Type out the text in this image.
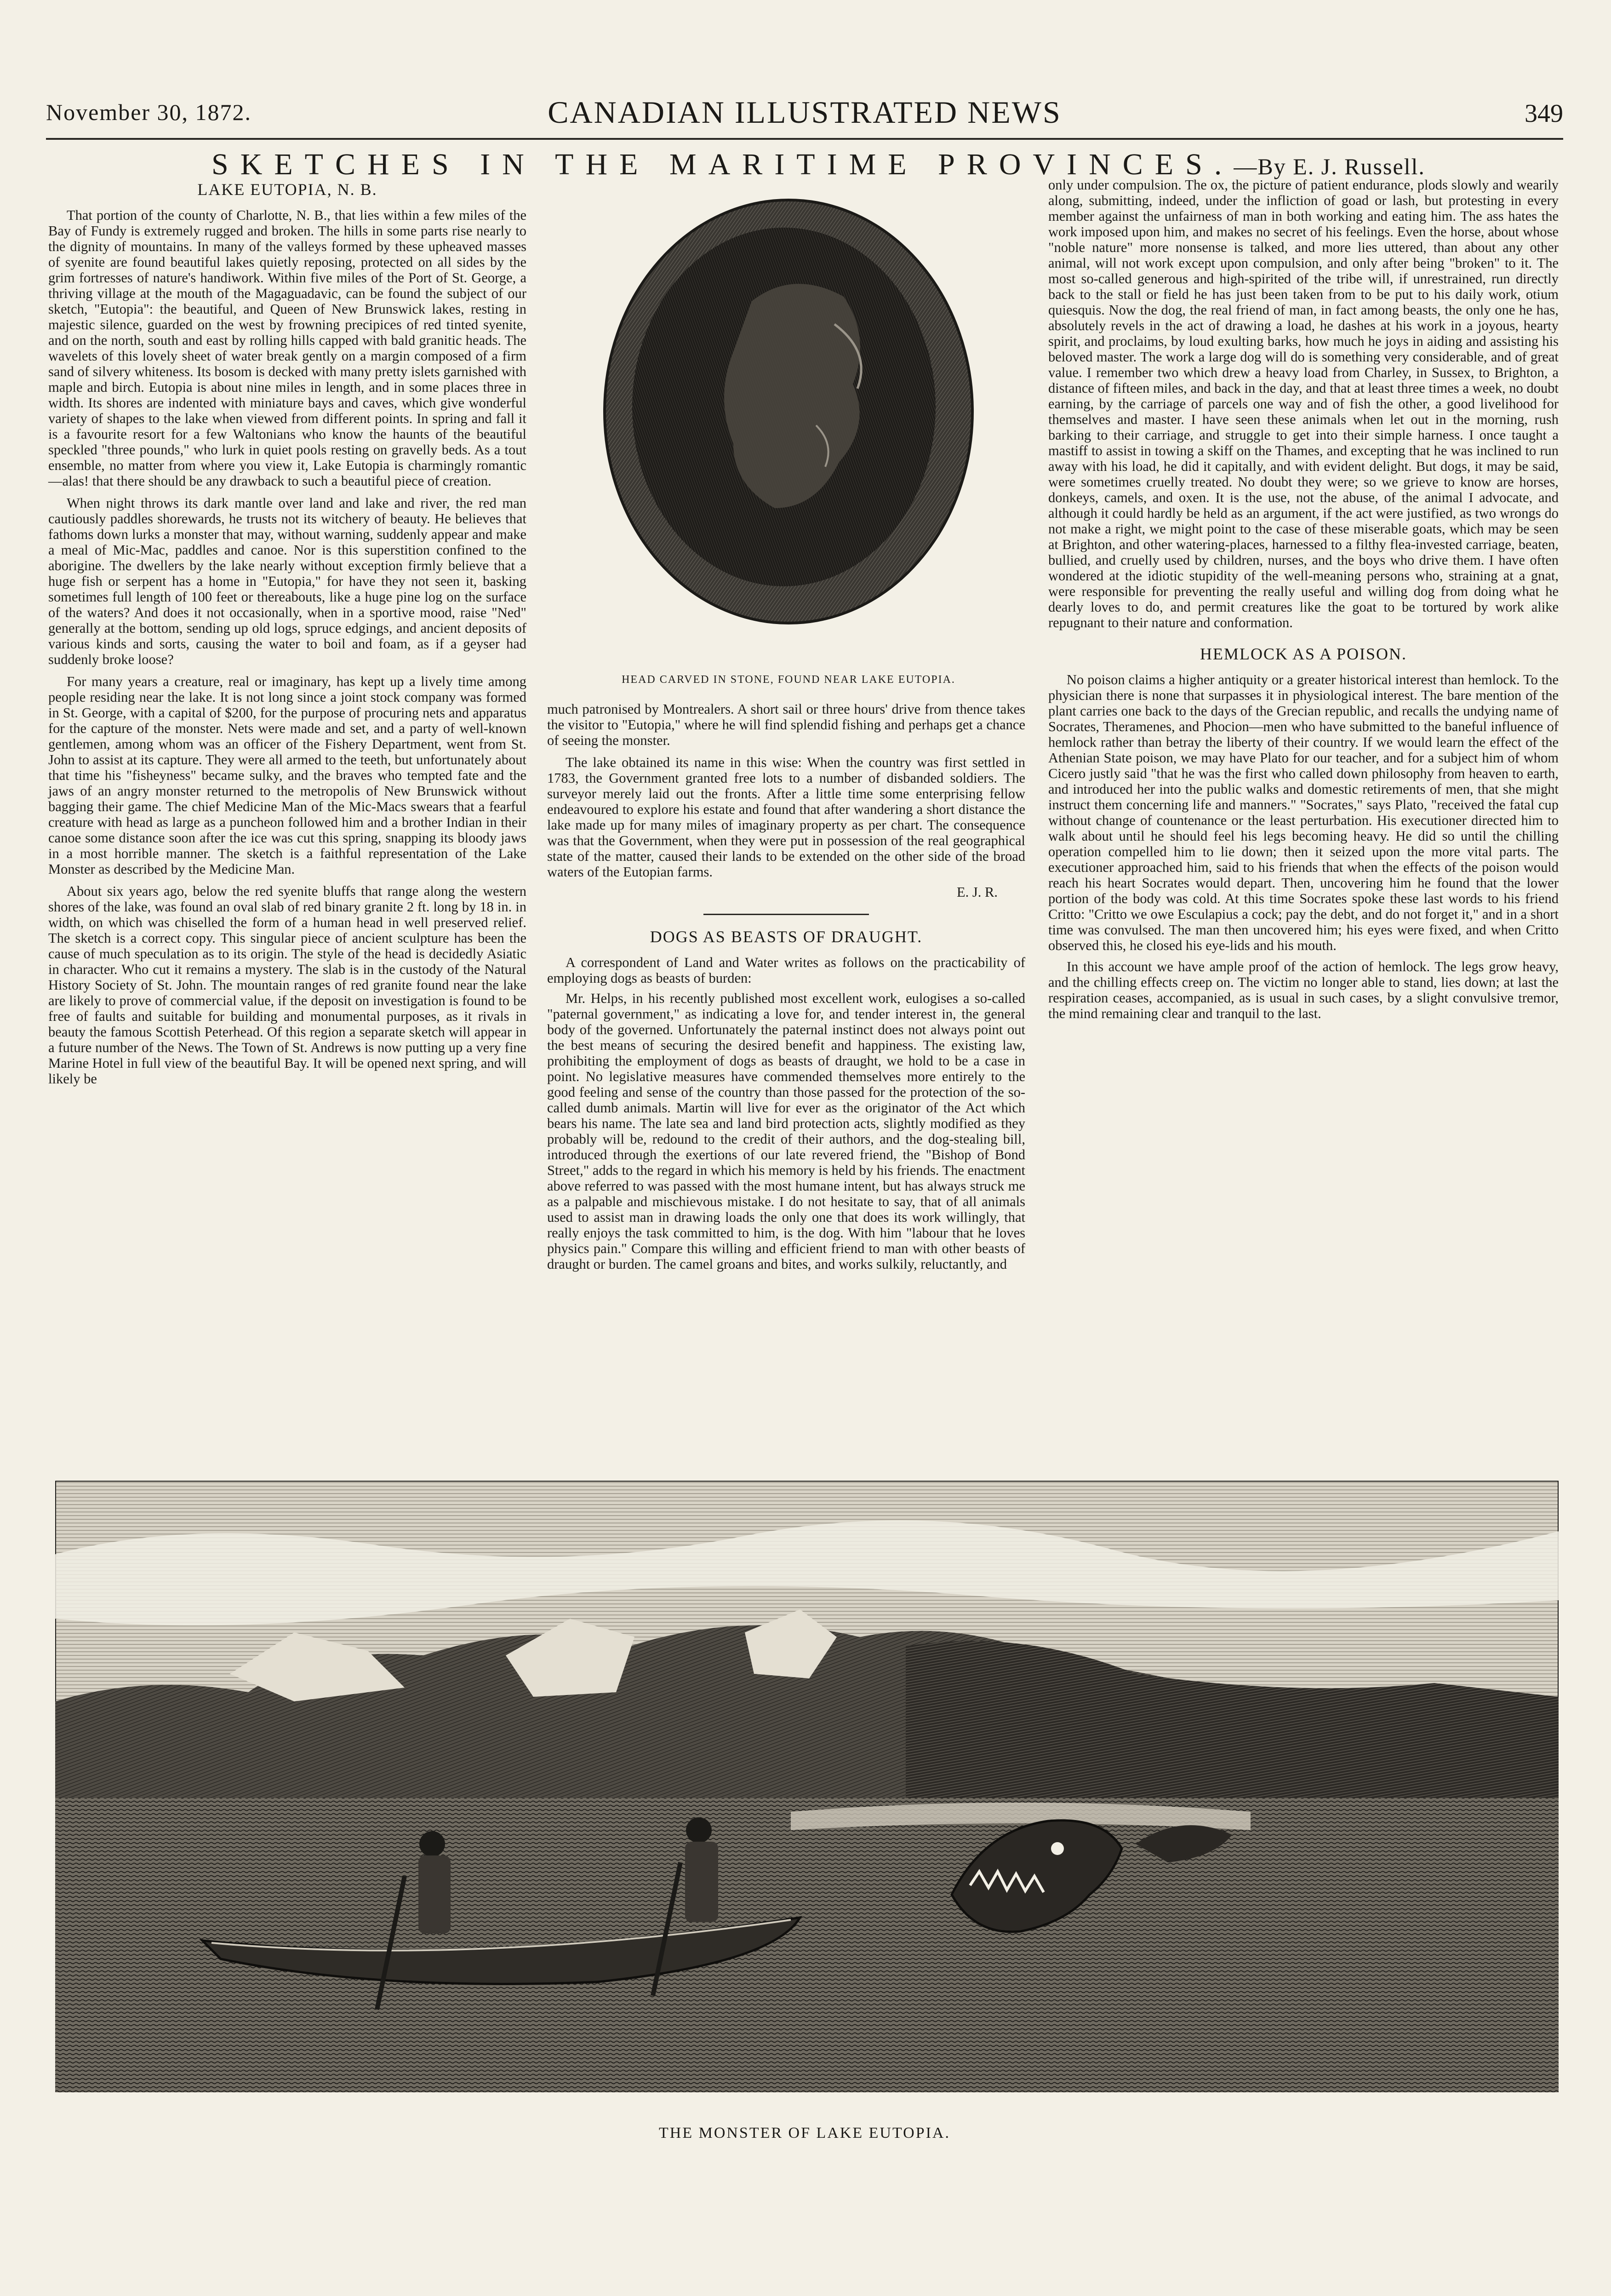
CANADIAN ILLUSTRATED NEWS
November 30, 1872.	349
SKETCHES IN THE MARITIME PROVINCES.—By E. J. Russell.
LAKE EUTOPIA, N. B.

That portion of the county of Charlotte, N. B., that lies within a few miles of the Bay of Fundy is extremely rugged and broken. The hills in some parts rise nearly to the dignity of mountains. In many of the valleys formed by these upheaved masses of syenite are found beautiful lakes quietly reposing, protected on all sides by the grim fortresses of nature's handiwork. Within five miles of the Port of St. George, a thriving village at the mouth of the Magaguadavic, can be found the subject of our sketch, "Eutopia": the beautiful, and Queen of New Brunswick lakes, resting in majestic silence, guarded on the west by frowning precipices of red tinted syenite, and on the north, south and east by rolling hills capped with bald granitic heads. The wavelets of this lovely sheet of water break gently on a margin composed of a firm sand of silvery whiteness. Its bosom is decked with many pretty islets garnished with maple and birch. Eutopia is about nine miles in length, and in some places three in width. Its shores are indented with miniature bays and caves, which give wonderful variety of shapes to the lake when viewed from different points. In spring and fall it is a favourite resort for a few Waltonians who know the haunts of the beautiful speckled "three pounds," who lurk in quiet pools resting on gravelly beds. As a tout ensemble, no matter from where you view it, Lake Eutopia is charmingly romantic—alas! that there should be any drawback to such a beautiful piece of creation.

When night throws its dark mantle over land and lake and river, the red man cautiously paddles shorewards, he trusts not its witchery of beauty. He believes that fathoms down lurks a monster that may, without warning, suddenly appear and make a meal of Mic-Mac, paddles and canoe. Nor is this superstition confined to the aborigine. The dwellers by the lake nearly without exception firmly believe that a huge fish or serpent has a home in "Eutopia," for have they not seen it, basking sometimes full length of 100 feet or thereabouts, like a huge pine log on the surface of the waters? And does it not occasionally, when in a sportive mood, raise "Ned" generally at the bottom, sending up old logs, spruce edgings, and ancient deposits of various kinds and sorts, causing the water to boil and foam, as if a geyser had suddenly broke loose?

For many years a creature, real or imaginary, has kept up a lively time among people residing near the lake. It is not long since a joint stock company was formed in St. George, with a capital of $200, for the purpose of procuring nets and apparatus for the capture of the monster. Nets were made and set, and a party of well-known gentlemen, among whom was an officer of the Fishery Department, went from St. John to assist at its capture. They were all armed to the teeth, but unfortunately about that time his "fisheyness" became sulky, and the braves who tempted fate and the jaws of an angry monster returned to the metropolis of New Brunswick without bagging their game. The chief Medicine Man of the Mic-Macs swears that a fearful creature with head as large as a puncheon followed him and a brother Indian in their canoe some distance soon after the ice was cut this spring, snapping its bloody jaws in a most horrible manner. The sketch is a faithful representation of the Lake Monster as described by the Medicine Man.

About six years ago, below the red syenite bluffs that range along the western shores of the lake, was found an oval slab of red binary granite 2 ft. long by 18 in. in width, on which was chiselled the form of a human head in well preserved relief. The sketch is a correct copy. This singular piece of ancient sculpture has been the cause of much speculation as to its origin. The style of the head is decidedly Asiatic in character. Who cut it remains a mystery. The slab is in the custody of the Natural History Society of St. John. The mountain ranges of red granite found near the lake are likely to prove of commercial value, if the deposit on investigation is found to be free of faults and suitable for building and monumental purposes, as it rivals in beauty the famous Scottish Peterhead. Of this region a separate sketch will appear in a future number of the News. The Town of St. Andrews is now putting up a very fine Marine Hotel in full view of the beautiful Bay. It will be opened next spring, and will likely be

HEAD CARVED IN STONE, FOUND NEAR LAKE EUTOPIA.

much patronised by Montrealers. A short sail or three hours' drive from thence takes the visitor to "Eutopia," where he will find splendid fishing and perhaps get a chance of seeing the monster.

The lake obtained its name in this wise: When the country was first settled in 1783, the Government granted free lots to a number of disbanded soldiers. The surveyor merely laid out the fronts. After a little time some enterprising fellow endeavoured to explore his estate and found that after wandering a short distance the lake made up for many miles of imaginary property as per chart. The consequence was that the Government, when they were put in possession of the real geographical state of the matter, caused their lands to be extended on the other side of the broad waters of the Eutopian farms.

E. J. R.
DOGS AS BEASTS OF DRAUGHT.

A correspondent of Land and Water writes as follows on the practicability of employing dogs as beasts of burden:

Mr. Helps, in his recently published most excellent work, eulogises a so-called "paternal government," as indicating a love for, and tender interest in, the general body of the governed. Unfortunately the paternal instinct does not always point out the best means of securing the desired benefit and happiness. The existing law, prohibiting the employment of dogs as beasts of draught, we hold to be a case in point. No legislative measures have commended themselves more entirely to the good feeling and sense of the country than those passed for the protection of the so-called dumb animals. Martin will live for ever as the originator of the Act which bears his name. The late sea and land bird protection acts, slightly modified as they probably will be, redound to the credit of their authors, and the dog-stealing bill, introduced through the exertions of our late revered friend, the "Bishop of Bond Street," adds to the regard in which his memory is held by his friends. The enactment above referred to was passed with the most humane intent, but has always struck me as a palpable and mischievous mistake. I do not hesitate to say, that of all animals used to assist man in drawing loads the only one that does its work willingly, that really enjoys the task committed to him, is the dog. With him "labour that he loves physics pain." Compare this willing and efficient friend to man with other beasts of draught or burden. The camel groans and bites, and works sulkily, reluctantly, and

only under compulsion. The ox, the picture of patient endurance, plods slowly and wearily along, submitting, indeed, under the infliction of goad or lash, but protesting in every member against the unfairness of man in both working and eating him. The ass hates the work imposed upon him, and makes no secret of his feelings. Even the horse, about whose "noble nature" more nonsense is talked, and more lies uttered, than about any other animal, will not work except upon compulsion, and only after being "broken" to it. The most so-called generous and high-spirited of the tribe will, if unrestrained, run directly back to the stall or field he has just been taken from to be put to his daily work, otium quiesquis. Now the dog, the real friend of man, in fact among beasts, the only one he has, absolutely revels in the act of drawing a load, he dashes at his work in a joyous, hearty spirit, and proclaims, by loud exulting barks, how much he joys in aiding and assisting his beloved master. The work a large dog will do is something very considerable, and of great value. I remember two which drew a heavy load from Charley, in Sussex, to Brighton, a distance of fifteen miles, and back in the day, and that at least three times a week, no doubt earning, by the carriage of parcels one way and of fish the other, a good livelihood for themselves and master. I have seen these animals when let out in the morning, rush barking to their carriage, and struggle to get into their simple harness. I once taught a mastiff to assist in towing a skiff on the Thames, and excepting that he was inclined to run away with his load, he did it capitally, and with evident delight. But dogs, it may be said, were sometimes cruelly treated. No doubt they were; so we grieve to know are horses, donkeys, camels, and oxen. It is the use, not the abuse, of the animal I advocate, and although it could hardly be held as an argument, if the act were justified, as two wrongs do not make a right, we might point to the case of these miserable goats, which may be seen at Brighton, and other watering-places, harnessed to a filthy flea-invested carriage, beaten, bullied, and cruelly used by children, nurses, and the boys who drive them. I have often wondered at the idiotic stupidity of the well-meaning persons who, straining at a gnat, were responsible for preventing the really useful and willing dog from doing what he dearly loves to do, and permit creatures like the goat to be tortured by work alike repugnant to their nature and conformation.

HEMLOCK AS A POISON.

No poison claims a higher antiquity or a greater historical interest than hemlock. To the physician there is none that surpasses it in physiological interest. The bare mention of the plant carries one back to the days of the Grecian republic, and recalls the undying name of Socrates, Theramenes, and Phocion—men who have submitted to the baneful influence of hemlock rather than betray the liberty of their country. If we would learn the effect of the Athenian State poison, we may have Plato for our teacher, and for a subject him of whom Cicero justly said "that he was the first who called down philosophy from heaven to earth, and introduced her into the public walks and domestic retirements of men, that she might instruct them concerning life and manners." "Socrates," says Plato, "received the fatal cup without change of countenance or the least perturbation. His executioner directed him to walk about until he should feel his legs becoming heavy. He did so until the chilling operation compelled him to lie down; then it seized upon the more vital parts. The executioner approached him, said to his friends that when the effects of the poison would reach his heart Socrates would depart. Then, uncovering him he found that the lower portion of the body was cold. At this time Socrates spoke these last words to his friend Critto: "Critto we owe Esculapius a cock; pay the debt, and do not forget it," and in a short time was convulsed. The man then uncovered him; his eyes were fixed, and when Critto observed this, he closed his eye-lids and his mouth.

In this account we have ample proof of the action of hemlock. The legs grow heavy, and the chilling effects creep on. The victim no longer able to stand, lies down; at last the respiration ceases, accompanied, as is usual in such cases, by a slight convulsive tremor, the mind remaining clear and tranquil to the last.

THE MONSTER OF LAKE EUTOPIA.
